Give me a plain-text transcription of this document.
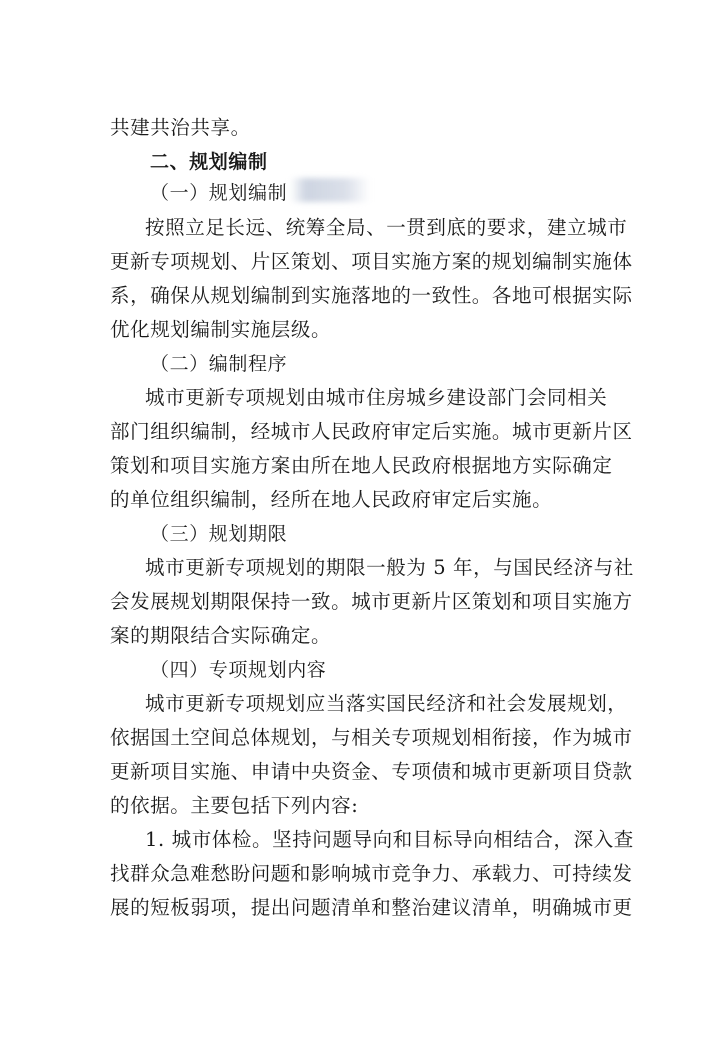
共建共治共享。
二、规划编制
（一）规划编制
按照立足长远、统筹全局、一贯到底的要求，建立城市
更新专项规划、片区策划、项目实施方案的规划编制实施体
系，确保从规划编制到实施落地的一致性。各地可根据实际
优化规划编制实施层级。
（二）编制程序
城市更新专项规划由城市住房城乡建设部门会同相关
部门组织编制，经城市人民政府审定后实施。城市更新片区
策划和项目实施方案由所在地人民政府根据地方实际确定
的单位组织编制，经所在地人民政府审定后实施。
（三）规划期限
城市更新专项规划的期限一般为 5 年，与国民经济与社
会发展规划期限保持一致。城市更新片区策划和项目实施方
案的期限结合实际确定。
（四）专项规划内容
城市更新专项规划应当落实国民经济和社会发展规划，
依据国土空间总体规划，与相关专项规划相衔接，作为城市
更新项目实施、申请中央资金、专项债和城市更新项目贷款
的依据。主要包括下列内容:
1. 城市体检。坚持问题导向和目标导向相结合，深入查
找群众急难愁盼问题和影响城市竞争力、承载力、可持续发
展的短板弱项，提出问题清单和整治建议清单，明确城市更
